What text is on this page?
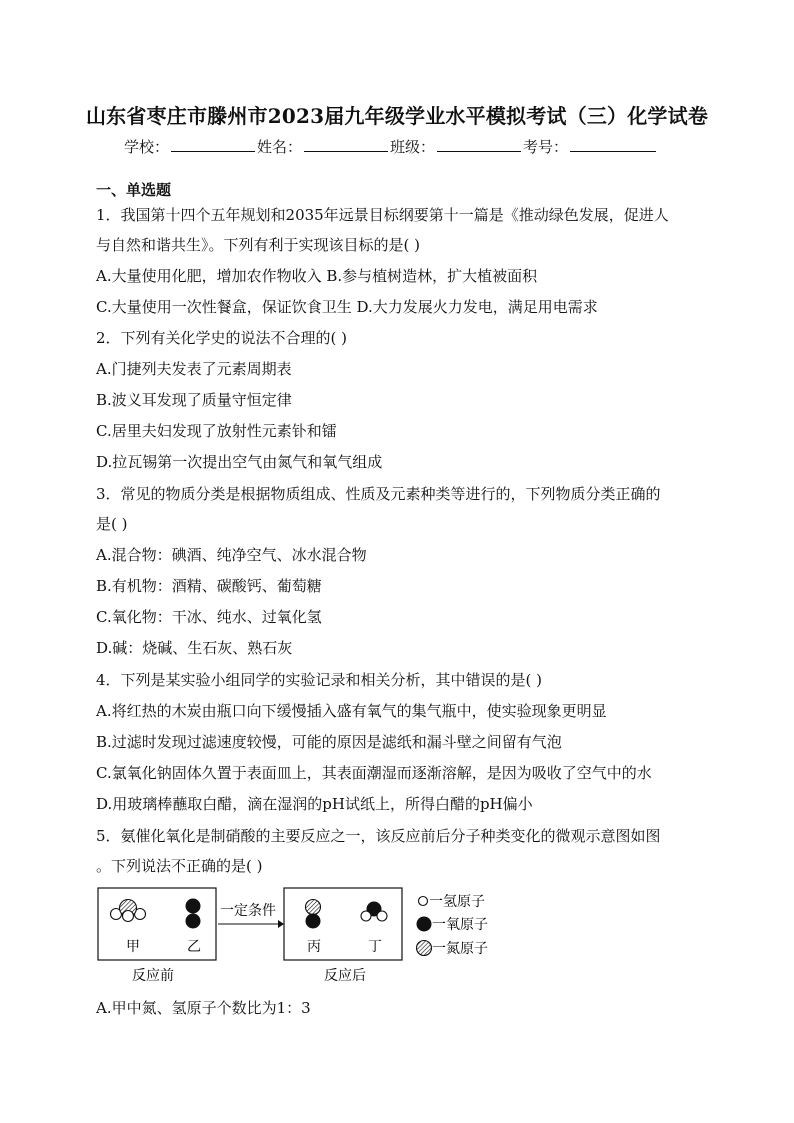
山东省枣庄市滕州市2023届九年级学业水平模拟考试（三）化学试卷
学校：	姓名：	班级：	考号：
一、单选题
1．我国第十四个五年规划和2035年远景目标纲要第十一篇是《推动绿色发展，促进人
与自然和谐共生》。下列有利于实现该目标的是( )
A.大量使用化肥，增加农作物收入 B.参与植树造林，扩大植被面积
C.大量使用一次性餐盒，保证饮食卫生 D.大力发展火力发电，满足用电需求
2．下列有关化学史的说法不合理的( )
A.门捷列夫发表了元素周期表
B.波义耳发现了质量守恒定律
C.居里夫妇发现了放射性元素钋和镭
D.拉瓦锡第一次提出空气由氮气和氧气组成
3．常见的物质分类是根据物质组成、性质及元素种类等进行的，下列物质分类正确的
是( )
A.混合物：碘酒、纯净空气、冰水混合物
B.有机物：酒精、碳酸钙、葡萄糖
C.氧化物：干冰、纯水、过氧化氢
D.碱：烧碱、生石灰、熟石灰
4．下列是某实验小组同学的实验记录和相关分析，其中错误的是( )
A.将红热的木炭由瓶口向下缓慢插入盛有氧气的集气瓶中，使实验现象更明显
B.过滤时发现过滤速度较慢，可能的原因是滤纸和漏斗壁之间留有气泡
C.氯氧化钠固体久置于表面皿上，其表面潮湿而逐渐溶解，是因为吸收了空气中的水
D.用玻璃棒蘸取白醋，滴在湿润的pH试纸上，所得白醋的pH偏小
5．氨催化氧化是制硝酸的主要反应之一，该反应前后分子种类变化的微观示意图如图
。下列说法不正确的是( )
甲	乙
一定条件
丙	丁
反应前	反应后
一氢原子
一氧原子
一氮原子
A.甲中氮、氢原子个数比为1：3
